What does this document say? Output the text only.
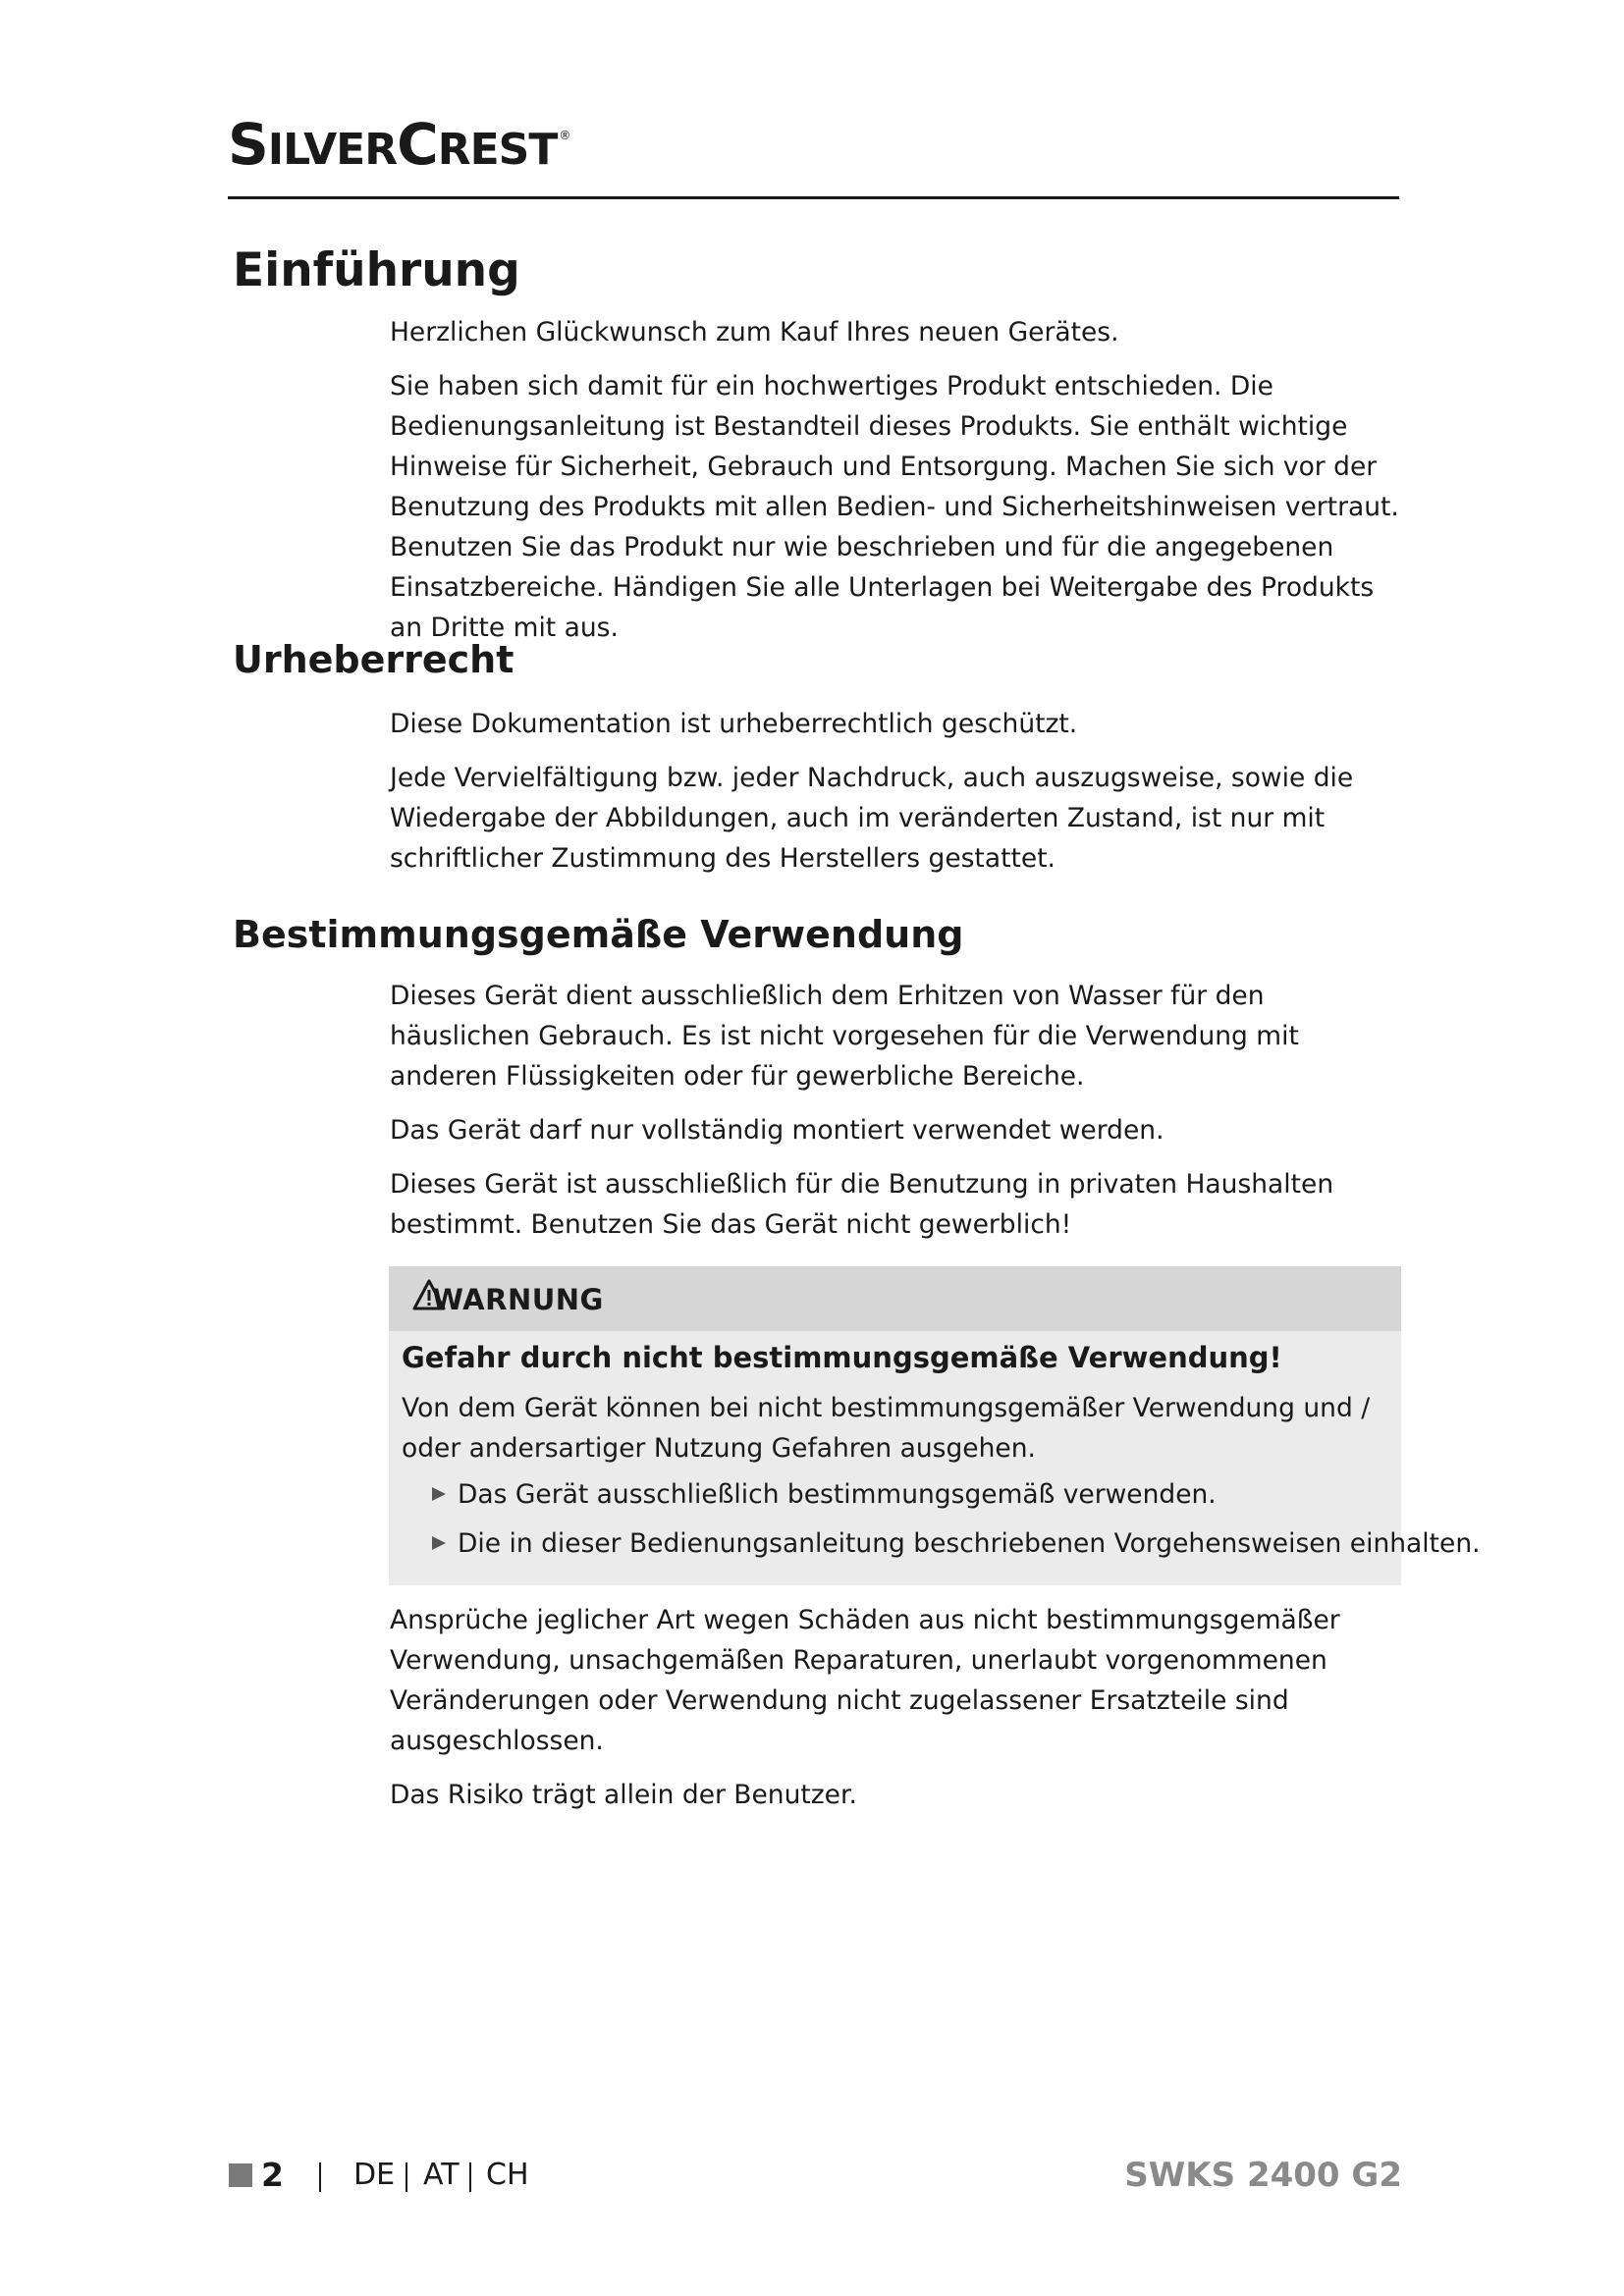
SILVERCREST ®
Einführung

Herzlichen Glückwunsch zum Kauf Ihres neuen Gerätes.

Sie haben sich damit für ein hochwertiges Produkt entschieden. Die Bedienungsanleitung ist Bestandteil dieses Produkts. Sie enthält wichtige Hinweise für Sicherheit, Gebrauch und Entsorgung. Machen Sie sich vor der Benutzung des Produkts mit allen Bedien- und Sicherheitshinweisen vertraut. Benutzen Sie das Produkt nur wie beschrieben und für die angegebenen Einsatzbereiche. Händigen Sie alle Unterlagen bei Weitergabe des Produkts an Dritte mit aus.

Urheberrecht

Diese Dokumentation ist urheberrechtlich geschützt.

Jede Vervielfältigung bzw. jeder Nachdruck, auch auszugsweise, sowie die Wiedergabe der Abbildungen, auch im veränderten Zustand, ist nur mit schriftlicher Zustimmung des Herstellers gestattet.

Bestimmungsgemäße Verwendung

Dieses Gerät dient ausschließlich dem Erhitzen von Wasser für den häuslichen Gebrauch. Es ist nicht vorgesehen für die Verwendung mit anderen Flüssigkeiten oder für gewerbliche Bereiche.

Das Gerät darf nur vollständig montiert verwendet werden.

Dieses Gerät ist ausschließlich für die Benutzung in privaten Haushalten bestimmt. Benutzen Sie das Gerät nicht gewerblich!

WARNUNG
Gefahr durch nicht bestimmungsgemäße Verwendung!
Von dem Gerät können bei nicht bestimmungsgemäßer Verwendung und / oder andersartiger Nutzung Gefahren ausgehen.
Das Gerät ausschließlich bestimmungsgemäß verwenden.
Die in dieser Bedienungsanleitung beschriebenen Vorgehensweisen einhalten.

Ansprüche jeglicher Art wegen Schäden aus nicht bestimmungsgemäßer Verwendung, unsachgemäßen Reparaturen, unerlaubt vorgenommenen Veränderungen oder Verwendung nicht zugelassener Ersatzteile sind ausgeschlossen.

Das Risiko trägt allein der Benutzer.

2 DE AT CH	SWKS 2400 G2
